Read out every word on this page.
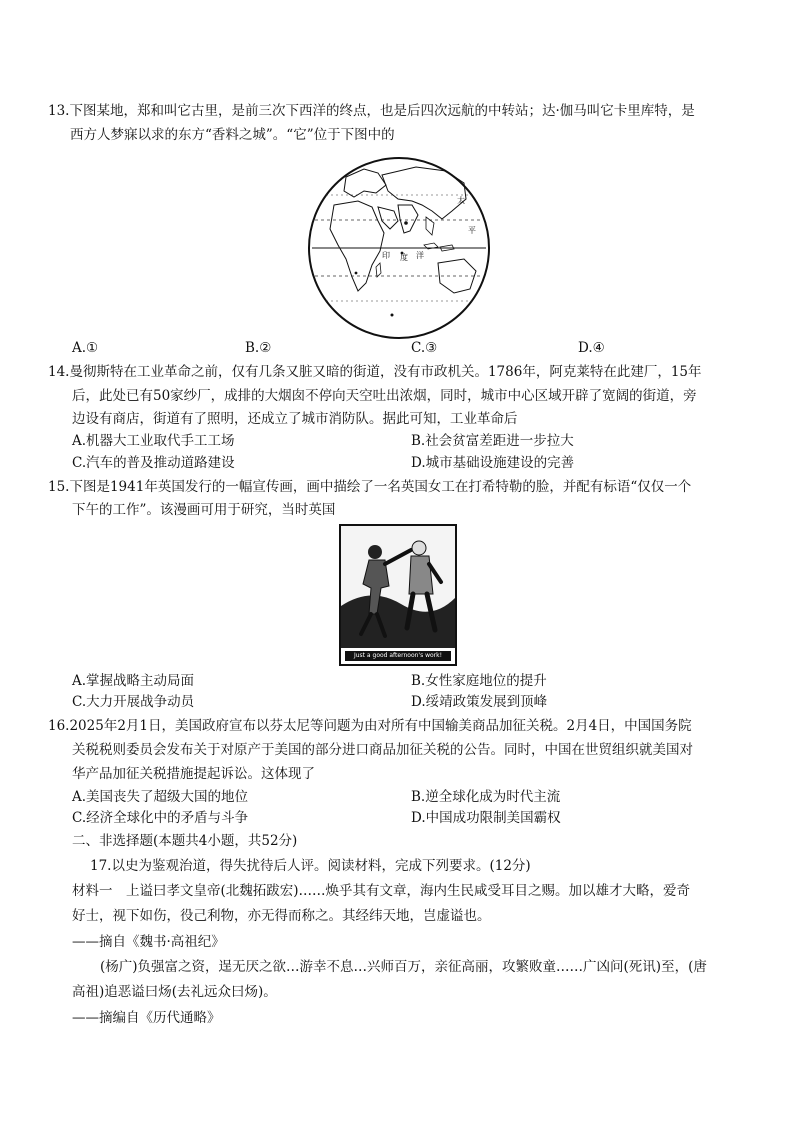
13.下图某地，郑和叫它古里，是前三次下西洋的终点，也是后四次远航的中转站；达·伽马叫它卡里库特，是
西方人梦寐以求的东方“香料之城”。“它”位于下图中的
太
平
印 度 洋
A.①	B.②	C.③	D.④
14.曼彻斯特在工业革命之前，仅有几条又脏又暗的街道，没有市政机关。1786年，阿克莱特在此建厂，15年
后，此处已有50家纱厂，成排的大烟囱不停向天空吐出浓烟，同时，城市中心区域开辟了宽阔的街道，旁
边设有商店，街道有了照明，还成立了城市消防队。据此可知，工业革命后
A.机器大工业取代手工工场	B.社会贫富差距进一步拉大
C.汽车的普及推动道路建设	D.城市基础设施建设的完善
15.下图是1941年英国发行的一幅宣传画，画中描绘了一名英国女工在打希特勒的脸，并配有标语“仅仅一个
下午的工作”。该漫画可用于研究，当时英国
Just a good afternoon's work!
A.掌握战略主动局面	B.女性家庭地位的提升
C.大力开展战争动员	D.绥靖政策发展到顶峰
16.2025年2月1日，美国政府宣布以芬太尼等问题为由对所有中国输美商品加征关税。2月4日，中国国务院
关税税则委员会发布关于对原产于美国的部分进口商品加征关税的公告。同时，中国在世贸组织就美国对
华产品加征关税措施提起诉讼。这体现了
A.美国丧失了超级大国的地位	B.逆全球化成为时代主流
C.经济全球化中的矛盾与斗争	D.中国成功限制美国霸权
二、非选择题(本题共4小题，共52分)
17.以史为鉴观治道，得失扰待后人评。阅读材料，完成下列要求。(12分)
材料一　上谥曰孝文皇帝(北魏拓跋宏)……焕乎其有文章，海内生民咸受耳目之赐。加以雄才大略，爱奇
好士，视下如伤，役己利物，亦无得而称之。其经纬天地，岂虚谥也。
——摘自《魏书·高祖纪》
(杨广)负强富之资，逞无厌之欲…游幸不息…兴师百万，亲征高丽，攻繁败童……广凶问(死讯)至，(唐
高祖)追恶谥曰炀(去礼远众曰炀)。
——摘编自《历代通略》
